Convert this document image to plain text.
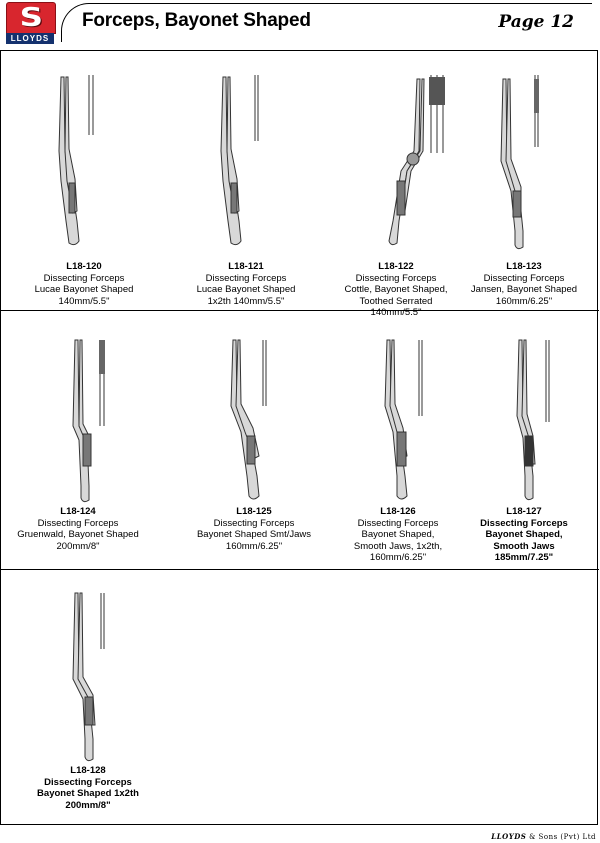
S
LLOYDS
Forceps, Bayonet Shaped	Page 12
L18-120
Dissecting Forceps
Lucae Bayonet Shaped
140mm/5.5"
L18-121
Dissecting Forceps
Lucae Bayonet Shaped
1x2th 140mm/5.5"
L18-122
Dissecting Forceps
Cottle, Bayonet Shaped,
Toothed Serrated
140mm/5.5"
L18-123
Dissecting Forceps
Jansen, Bayonet Shaped
160mm/6.25"
L18-124
Dissecting Forceps
Gruenwald, Bayonet Shaped
200mm/8"
L18-125
Dissecting Forceps
Bayonet Shaped Smt/Jaws
160mm/6.25"
L18-126
Dissecting Forceps
Bayonet Shaped,
Smooth Jaws, 1x2th,
160mm/6.25"
L18-127
Dissecting Forceps
Bayonet Shaped,
Smooth Jaws
185mm/7.25"
L18-128
Dissecting Forceps
Bayonet Shaped 1x2th
200mm/8"
LLOYDS & Sons (Pvt) Ltd
